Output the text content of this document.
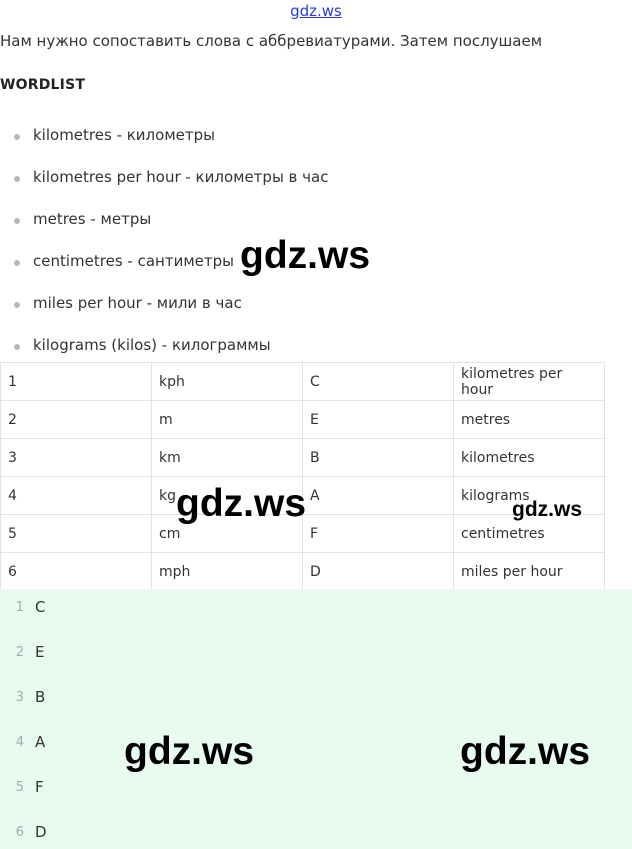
gdz.ws
Нам нужно сопоставить слова с аббревиатурами. Затем послушаем
WORDLIST
kilometres - километры
kilometres per hour - километры в час
metres - метры
centimetres - сантиметры
miles per hour - мили в час
kilograms (kilos) - килограммы
1	kph	C	kilometres per hour
2	m	E	metres
3	km	B	kilometres
4	kg	A	kilograms
5	cm	F	centimetres
6	mph	D	miles per hour
1 C
2 E
3 B
4 A
5 F
6 D
gdz.ws
gdz.ws	gdz.ws
gdz.ws	gdz.ws
